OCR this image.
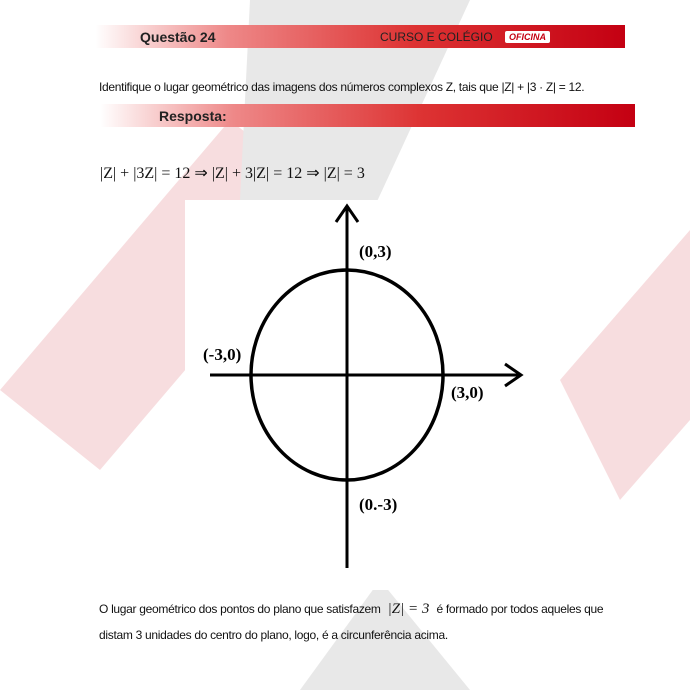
Questão 24	CURSO E COLÉGIO	OFICINA
Identifique o lugar geométrico das imagens dos números complexos Z, tais que |Z| + |3 · Z| = 12.
Resposta:
|Z| + |3Z| = 12 ⇒ |Z| + 3|Z| = 12 ⇒ |Z| = 3
(0,3)
(-3,0)
(3,0)
(0.-3)
O lugar geométrico dos pontos do plano que satisfazem |Z| = 3 é formado por todos aqueles que
distam 3 unidades do centro do plano, logo, é a circunferência acima.
